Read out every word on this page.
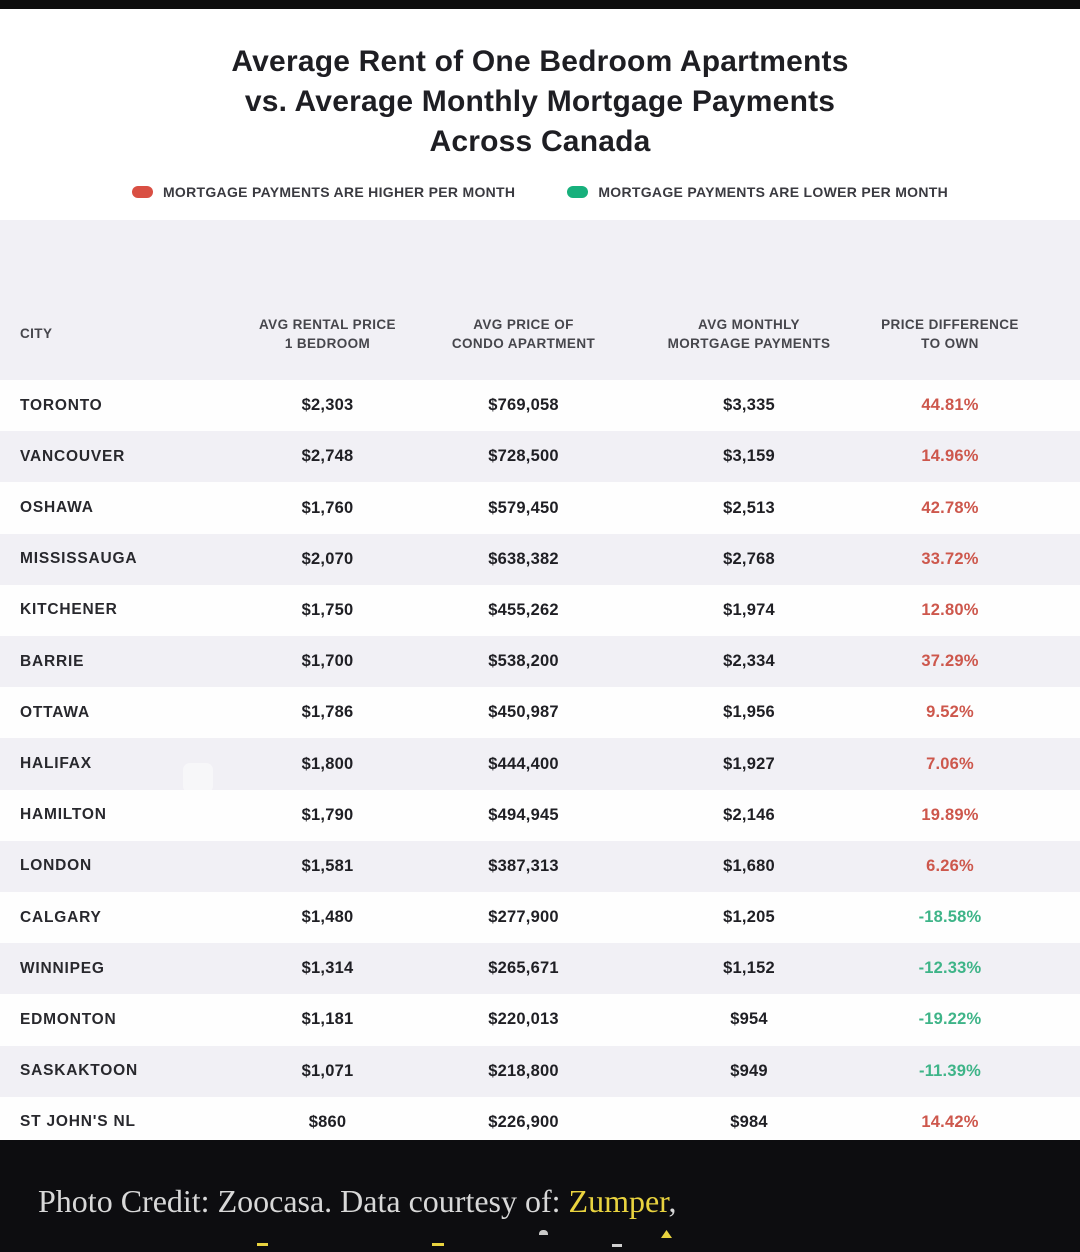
Average Rent of One Bedroom Apartments
vs. Average Monthly Mortgage Payments
Across Canada
MORTGAGE PAYMENTS ARE HIGHER PER MONTH	MORTGAGE PAYMENTS ARE LOWER PER MONTH
CITY
AVG RENTAL PRICE
1 BEDROOM
AVG PRICE OF
CONDO APARTMENT
AVG MONTHLY
MORTGAGE PAYMENTS
PRICE DIFFERENCE
TO OWN
TORONTO	$2,303	$769,058	$3,335	44.81%
VANCOUVER	$2,748	$728,500	$3,159	14.96%
OSHAWA	$1,760	$579,450	$2,513	42.78%
MISSISSAUGA	$2,070	$638,382	$2,768	33.72%
KITCHENER	$1,750	$455,262	$1,974	12.80%
BARRIE	$1,700	$538,200	$2,334	37.29%
OTTAWA	$1,786	$450,987	$1,956	9.52%
HALIFAX	$1,800	$444,400	$1,927	7.06%
HAMILTON	$1,790	$494,945	$2,146	19.89%
LONDON	$1,581	$387,313	$1,680	6.26%
CALGARY	$1,480	$277,900	$1,205	-18.58%
WINNIPEG	$1,314	$265,671	$1,152	-12.33%
EDMONTON	$1,181	$220,013	$954	-19.22%
SASKAKTOON	$1,071	$218,800	$949	-11.39%
ST JOHN'S NL	$860	$226,900	$984	14.42%
Photo Credit: Zoocasa. Data courtesy of: Zumper,
